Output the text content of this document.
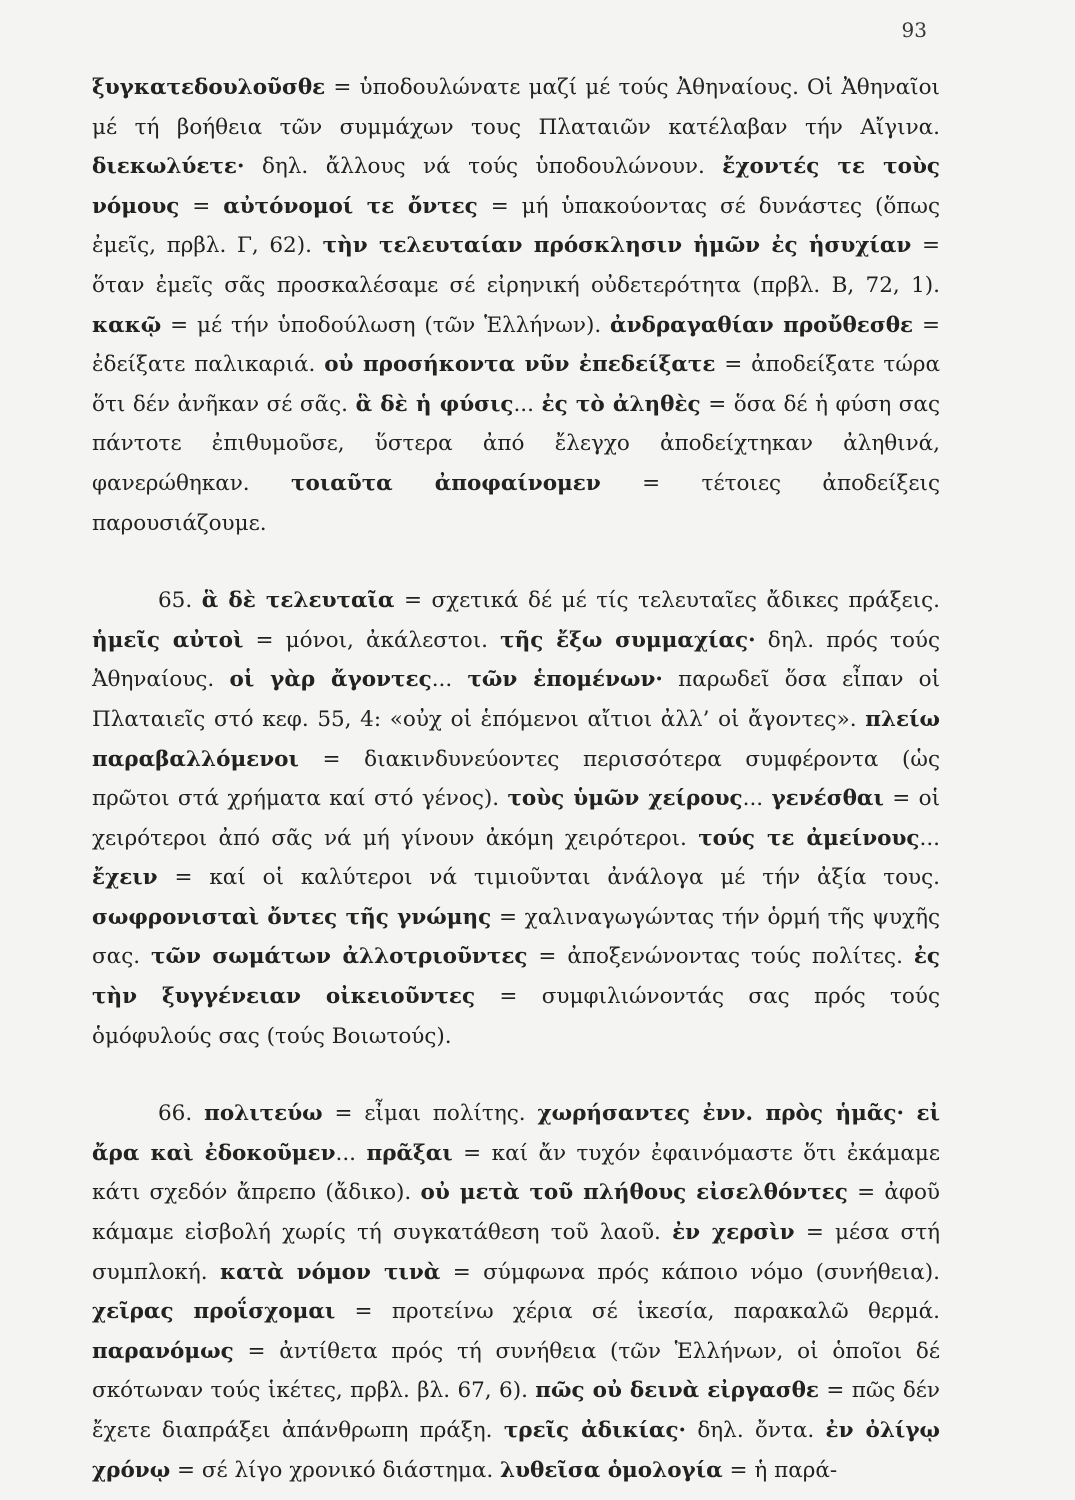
93

ξυγκατεδουλοῦσθε = ὑποδουλώνατε μαζί μέ τούς Ἀθηναίους. Οἱ Ἀθηναῖοι μέ τή βοήθεια τῶν συμμάχων τους Πλαταιῶν κατέλαβαν τήν Αἴγινα. διεκωλύετε· δηλ. ἄλλους νά τούς ὑποδουλώνουν. ἔχοντές τε τοὺς νόμους = αὐτόνομοί τε ὄντες = μή ὑπακούοντας σέ δυνάστες (ὅπως ἐμεῖς, πρβλ. Γ, 62). τὴν τελευταίαν πρόσκλησιν ἡμῶν ἐς ἡσυχίαν = ὅταν ἐμεῖς σᾶς προσκαλέσαμε σέ εἰρηνική οὐδετερότητα (πρβλ. Β, 72, 1). κακῷ = μέ τήν ὑποδούλωση (τῶν Ἑλλήνων). ἀνδραγαθίαν προὔθεσθε = ἐδείξατε παλικαριά. οὐ προσήκοντα νῦν ἐπεδείξατε = ἀποδείξατε τώρα ὅτι δέν ἀνῆκαν σέ σᾶς. ἃ δὲ ἡ φύσις... ἐς τὸ ἀληθὲς = ὅσα δέ ἡ φύση σας πάντοτε ἐπιθυμοῦσε, ὕστερα ἀπό ἔλεγχο ἀποδείχτηκαν ἀληθινά, φανερώθηκαν. τοιαῦτα ἀποφαίνομεν = τέτοιες ἀποδείξεις παρουσιάζουμε.

65. ἃ δὲ τελευταῖα = σχετικά δέ μέ τίς τελευταῖες ἄδικες πράξεις. ἡμεῖς αὐτοὶ = μόνοι, ἀκάλεστοι. τῆς ἔξω συμμαχίας· δηλ. πρός τούς Ἀθηναίους. οἱ γὰρ ἄγοντες... τῶν ἑπομένων· παρωδεῖ ὅσα εἶπαν οἱ Πλαταιεῖς στό κεφ. 55, 4: «οὐχ οἱ ἑπόμενοι αἴτιοι ἀλλ’ οἱ ἄγοντες». πλείω παραβαλλόμενοι = διακινδυνεύοντες περισσότερα συμφέροντα (ὡς πρῶτοι στά χρήματα καί στό γένος). τοὺς ὑμῶν χείρους... γενέσθαι = οἱ χειρότεροι ἀπό σᾶς νά μή γίνουν ἀκόμη χειρότεροι. τούς τε ἀμείνους... ἔχειν = καί οἱ καλύτεροι νά τιμιοῦνται ἀνάλογα μέ τήν ἀξία τους. σωφρονισταὶ ὄντες τῆς γνώμης = χαλιναγωγώντας τήν ὁρμή τῆς ψυχῆς σας. τῶν σωμάτων ἀλλοτριοῦντες = ἀποξενώνοντας τούς πολίτες. ἐς τὴν ξυγγένειαν οἰκειοῦντες = συμφιλιώνοντάς σας πρός τούς ὁμόφυλούς σας (τούς Βοιωτούς).

66. πολιτεύω = εἶμαι πολίτης. χωρήσαντες ἐνν. πρὸς ἡμᾶς· εἰ ἄρα καὶ ἐδοκοῦμεν... πρᾶξαι = καί ἄν τυχόν ἐφαινόμαστε ὅτι ἐκάμαμε κάτι σχεδόν ἄπρεπο (ἄδικο). οὐ μετὰ τοῦ πλήθους εἰσελθόντες = ἀφοῦ κάμαμε εἰσβολή χωρίς τή συγκατάθεση τοῦ λαοῦ. ἐν χερσὶν = μέσα στή συμπλοκή. κατὰ νόμον τινὰ = σύμφωνα πρός κάποιο νόμο (συνήθεια). χεῖρας προΐσχομαι = προτείνω χέρια σέ ἱκεσία, παρακαλῶ θερμά. παρανόμως = ἀντίθετα πρός τή συνήθεια (τῶν Ἑλλήνων, οἱ ὁποῖοι δέ σκότωναν τούς ἱκέτες, πρβλ. βλ. 67, 6). πῶς οὐ δεινὰ εἰργασθε = πῶς δέν ἔχετε διαπράξει ἀπάνθρωπη πράξη. τρεῖς ἀδικίας· δηλ. ὄντα. ἐν ὀλίγῳ χρόνῳ = σέ λίγο χρονικό διάστημα. λυθεῖσα ὁμολογία = ἡ παρά-
